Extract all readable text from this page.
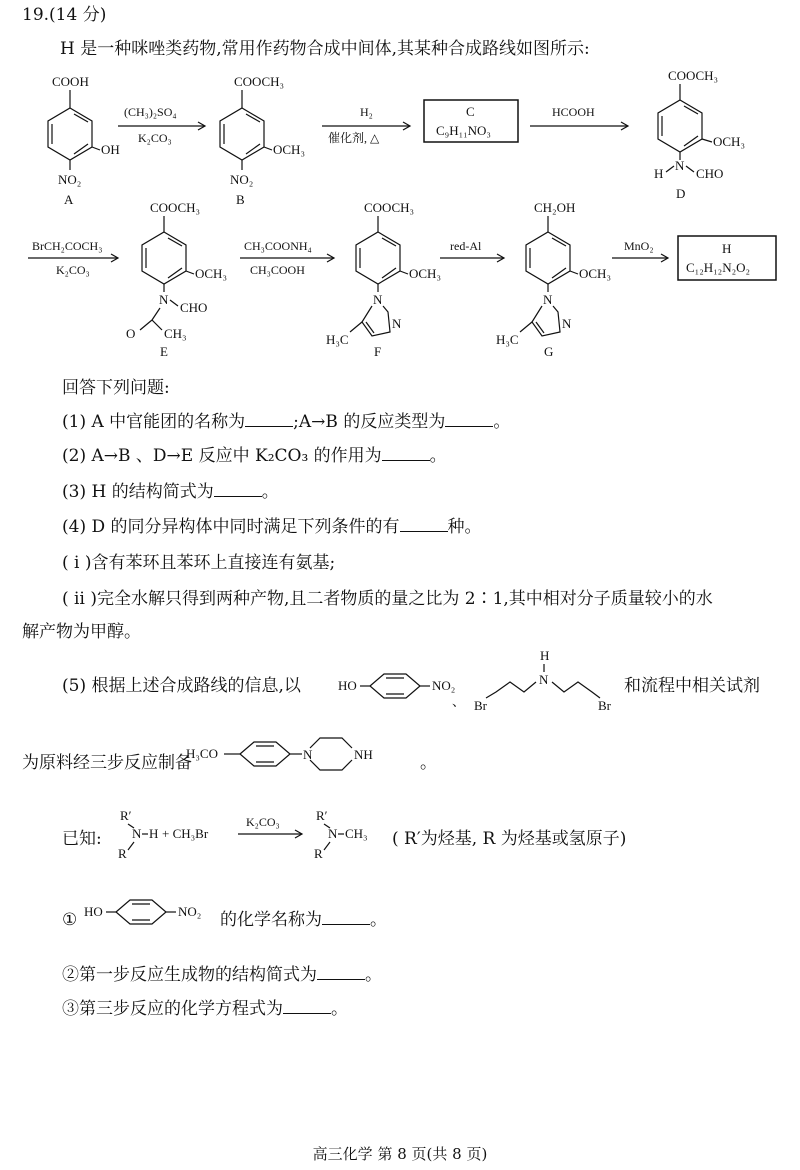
19.(14 分)
H 是一种咪唑类药物,常用作药物合成中间体,其某种合成路线如图所示:
COOH
OH
NO₂
A
(CH₃)₂SO₄
K₂CO₃
COOCH₃
OCH₃
NO₂
B
H₂
催化剂, △
C
C₉H₁₁NO₃
HCOOH
COOCH₃
OCH₃
H
N
CHO
D
BrCH₂COCH₃
K₂CO₃
COOCH₃
OCH₃
N
CHO
O CH₃
E
CH₃COONH₄
CH₃COOH
COOCH₃
OCH₃
N
N
H₃C
F
red-Al
CH₂OH
OCH₃
N
N
H₃C
G
MnO₂	H
C₁₂H₁₂N₂O₂
回答下列问题:
(1) A 中官能团的名称为	;A→B 的反应类型为	。
(2) A→B 、D→E 反应中 K₂CO₃ 的作用为	。
(3) H 的结构简式为	。
(4) D 的同分异构体中同时满足下列条件的有	种。
( ⅰ )含有苯环且苯环上直接连有氨基;
( ⅱ )完全水解只得到两种产物,且二者物质的量之比为 2∶1,其中相对分子质量较小的水
解产物为甲醇。
(5) 根据上述合成路线的信息,以	HO	NO₂
、
H
N
Br	Br
和流程中相关试剂
为原料经三步反应制备
H₃CO	N	NH	。
已知:
R′
N H
R
+ CH₃Br
K₂CO₃	R′
N CH₃
R
( R′为烃基, R 为烃基或氢原子)
① HO	NO₂ 的化学名称为	。
②第一步反应生成物的结构简式为	。
③第三步反应的化学方程式为	。
高三化学 第 8 页(共 8 页)
